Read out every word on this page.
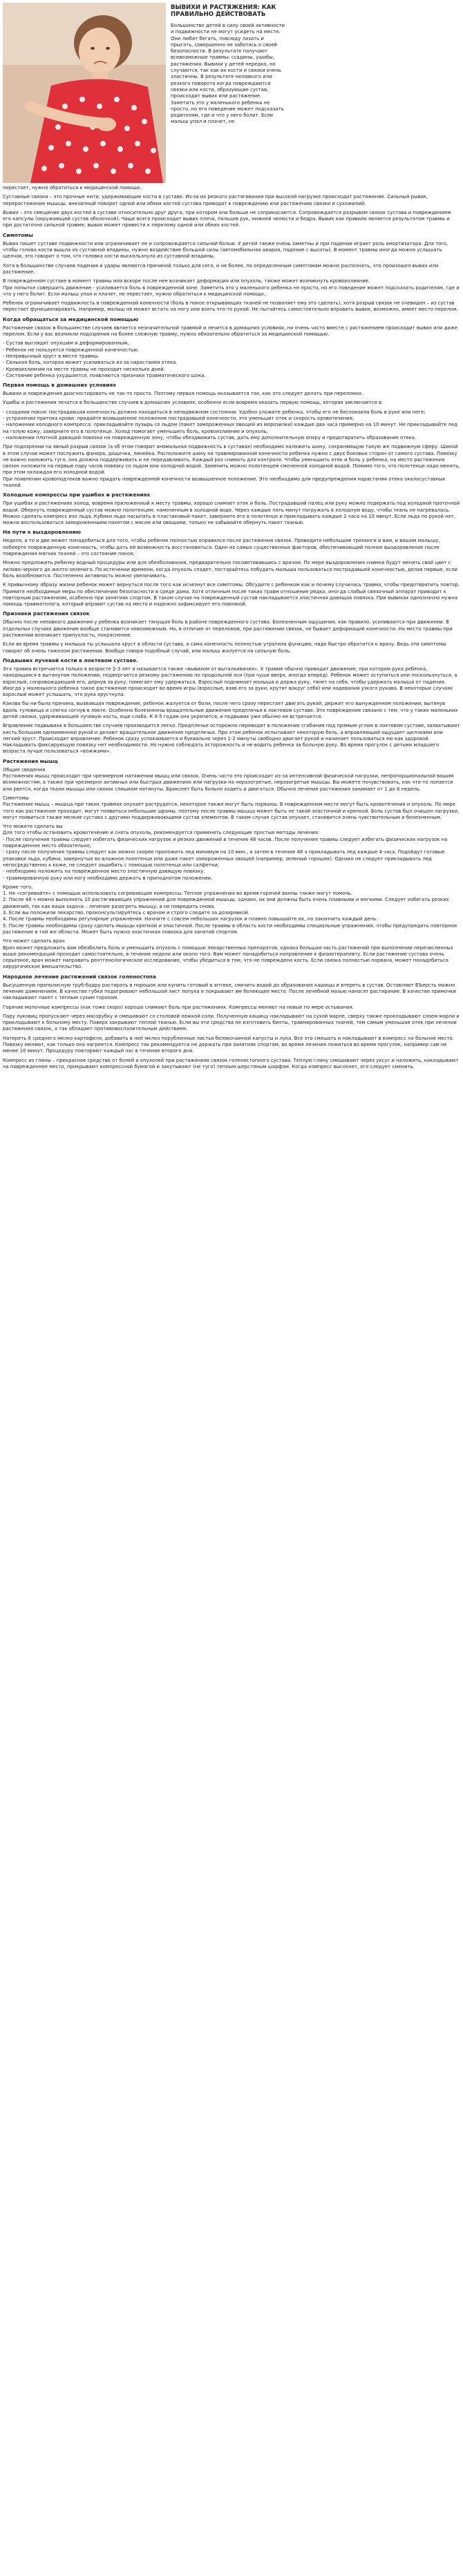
ВЫВИХИ И РАСТЯЖЕНИЯ: КАК ПРАВИЛЬНО ДЕЙСТВОВАТЬ

Большинство детей в силу своей активности и подвижности не могут усидеть на месте. Они любят бегать, повсюду лазать и прыгать, совершенно не заботясь о своей безопасности. В результате получают всевозможные травмы: ссадины, ушибы, растяжения. Вывихи у детей нередко, но случаются, так как их кости и связки очень эластичны. В результате неловкого или резкого поворота когда повреждаются связки или кости, образующие сустав, происходит вывих или растяжение. Заметить это у маленького ребенка не просто, но его поведение может подсказать родителям, где и что у него болит. Если малыш упал и плачет, не

перестает, нужно обратиться к медицинской помощи..

Суставные связки – это прочные нити, удерживающие кости в суставе. Из-за их резкого растягивания при высокой нагрузке происходит растяжение. Сильный рывок, перерастяжение мышцы, внезапный поворот одной или обеих костей сустава приводят к повреждению или растяжению связки и сухожилий.

Вывих – это смещение двух костей в суставе относительно друг друга, при котором они больше не соприкасаются. Сопровождается разрывом связок сустава и повреждением его капсулы (окружающей сустав оболочкой). Чаще всего происходит вывих плеча, пальцев рук, нижней челюсти и бедра. Вывих как правило является результатом травмы и при достаточно сильной травме, вывих может привести к перелому одной или обеих костей.

Симптомы

Вывих пишет суставе подвижности или ограничивает ее и сопровождается сильной болью. У детей также очень заметны и при падении играет роль амортизатора. Для того, чтобы голова кости вышла из суставной впадины, нужно воздействие большой силы (автомобильная авария, падение с высоты). В момент травмы иногда можно услышать щелчок, это говорит о том, что головка кости выскользнула из суставной впадины.

Хотя в большинстве случаев падения и удары являются причиной только для сего, и не более, по определенным симптомам можно распознать, что произошел вывих или растяжение.

В поврежденном суставе в момент травмы или вскоре после нее возникает деформация или опухоль, также может возникнуть кровоизлияние.
При попытке совершить движение - усиливается боль в поврежденной зоне. Заметить это у маленького ребенка не просто, но его поведение может подсказать родителям, где и что у него болит. Если малыш упал и плачет, не перестает, нужно обратиться к медицинской помощи..

Ребенок ограничивает подвижность в поврежденной конечности (боль в покое открывающих тканей не позволяет ему это сделать), хотя разрыв связок не очевиден – из сустав перестает функционировать. Например, малыш не может встать на ногу или взять что-то рукой. Не пытайтесь самостоятельно вправить вывих, возможно, имеет место перелом.

Когда обращаться за медицинской помощью

Растяжение связок в большинстве случаев является незначительной травмой и лечится в домашних условиях, но очень часто вместе с растяжением происходит вывих или даже перелом. Если у вас возникли подозрения на более сложную травму, нужно обязательно обратиться за медицинской помощью.

- Сустав выглядит опухшим и деформированным.
- Ребенок не пользуется поврежденной конечностью.
- Непривычный хруст в месте травмы.
- Сильная боль, которая может усиливаться из-за нарастания отека.
- Кровоизлияния на месте травмы не проходит несколько дней.
- Состояние ребенка ухудшается, появляются признаки травматического шока.
Первая помощь в домашних условиях

Вывихи и повреждения диагностировать не так-то просто. Поэтому первая помощь оказывается так, как это следует делать при переломах.

Ушибы и растяжения лечатся в большинстве случаев в домашних условиях, особенно если вовремя оказать первую помощь, которая заключается в:

- создании покоя: пострадавшая конечность должна находиться в неподвижном состоянии. Удобно уложите ребенка, чтобы его не беспокоила боль в руке или ноге;
- устранении притока крови: придайте возвышенное положение пострадавшей конечности, это уменьшит отек и скорость кровотечения;
- наложении холодного компресса: прикладывайте пузырь со льдом (пакет замороженных овощей из морозилки) каждые два часа примерно на 10 минут. Не прикладывайте лед на голую кожу, заверните его в полотенце. Холод помогает уменьшить боль, кровоизлияние и опухоль;
- наложении плотной давящей повязки на поврежденную зону, чтобы обездвижить сустав, дать ему дополнительную опору и предотвратить образование отека.

При подозрении на явный разрыв связок (а об этом говорит аномальная подвижность в суставах) необходимо наложить шину, сохраняющую такую же подвижную сферу. Шиной в этом случае может послужить фанера, дощечка, линейка. Расположите шину на травмированной конечности ребенка нужно с двух боковых сторон от самого сустава. Повязку не важно наложить туго, она должна поддерживать и не передавливать. Каждый раз снимать для контроля. Чтобы уменьшить отек и боль у ребенка, на место растяжения связок наложите на первые пару часов повязку со льдом или холодной водой. Заменить можно полотенцем смоченной холодной водой. Помимо того, что полотенце надо менять, при этом охлаждая его холодной водой.
При появлении кровоподтеков важно придать поврежденной конечности возвышенное положение. Это необходимо для предупреждения нарастания отека околосуставных тканей.

Холодные компрессы при ушибах и растяжениях

При ушибах и растяжениях холод, вовремя приложенный к месту травмы, хорошо снимает отек и боль. Пострадавший палец или руку можно подержать под холодной проточной водой. Обернуть поврежденный сустав можно полотенцем, намоченным в холодной воде. Через каждые пять минут погружать в холодную воду, чтобы ткань не нагревалась. Можно сделать компресс изо льда. Кубики льда насыпать в пластиковый пакет, заверните его в полотенце и прикладывать каждые 2 часа на 10 минут. Если льда по рукой нет, можно воспользоваться замороженными пакетом с мясом или овощами, только не забывайте обернуть пакет тканью.

На пути к выздоровлению

Неделя, а то и две может понадобиться для того, чтобы ребенок полностью оправился после растяжения связок. Проведите небольшие тренинги и вам, и вашим малышу, побеерте поврежденную конечность, чтобы дать ей возможность восстановиться. Один из самых существенных факторов, обеспечивающий полное выздоровление после повреждения мягких тканей – это состояние покоя.

Можно предложить ребенку водный процедуры или для обезболивания, предварительно посоветовавшись с врачом. По мере выздоровления снимки будут менять свой цвет с лилово-черного до желто-зеленого. По истечении времени, когда опухоль спадет, постарайтесь побудить малыша пользоваться пострадавшей конечностью, делая первые, если боль возобновится. Постепенно активность можно увеличивать.

К привычному образу жизни ребенок может вернуться после того как исчезнут все симптомы. Обсудите с ребенком как и почему случилась травма, чтобы предотвратить повтор. Примите необходимые меры по обеспечению безопасности в среде дома. Хотя отличным после таких травм отношение редко, иногда слабый связочный аппарат приводит к повторным растяжениям, особенно при занятиях спортом. В таком случае на поврежденный сустав накладывается эластичная давящая повязка. При вывихах однозначно нужна помощь травматолога, который вправит сустав на место и надежно зафиксирует его повязкой.

Признаки растяжения связок

Обычно после неловкого движения у ребенка возникает тянущая боль в районе поврежденного сустава. Болезненным ощущения, как правило, усиливаются при движении. В отдельных случаях движение вообще становится невозможным. Но, в отличие от переломов, при растяжении связок, не бывает деформаций конечности. На место травмы при растяжении возникает припухлость, покраснение.

Если во время травмы у малыша ты услышала хруст в области сустава, а сама конечность полностью утратила функцию, надо быстро обратится к врачу. Ведь эти симптомы говорят об очень тяжелом растяжении. Вообще говоря подобный случай, или малыш жалуется на сильную боль.

Подвывих лучевой кости в локтевом суставе.

Эта травма встречается только в возрасте 2-3 лет и называется также «вывихом от выталкивания». Х травме обычно приводит движение, при котором рука ребенка, находящаяся в вытянутом положении, подвергается резкому растяжению по продольной оси (при чуши вверх, иногда вперед). Ребенок может оступиться или поскользнуться, а взрослый, сопровождающий его, дернув за руку, помогает ему удержаться. Взрослый поднимает малыша и держа руку, тянет на себя, чтобы удержать малыша от падения. Иногда у маленького ребенка такое растяжение происходит во время игры (взрослые, взяв его за руки, крутят вокруг себя) или надевания узкого рукава. В некоторых случаях взрослый может услышать, что рука хрустнула.

Какова бы ни была причина, вызвавшая повреждение, ребенок жалуется от боли, после чего сразу перестает двигать рукой, держит его вынужденном положении, вытянув вдоль туловища и слегка согнув в локте. Особенно болезненны вращательные движения предплечья в локтевом суставе. Это повреждение связано с тем, что у таких маленьких детей связки, удерживающей лучевую кость, еще слаба. К 4-5 годам она укрепится, и подвывих уже обычно не встречается.

Вправление подвывиха в большинстве случаев производится легко. Предплечье осторожно переводят в положение сгибания под прямым углом в локтевом суставе, захватывают кисть большим одноименной рукой и делают вращательное движение предплечья. При этом ребенок испытывает некоторую боль, а вправляющий ощущает щелчками или легкий хруст. Происходит вправление. Ребенок сразу успокаивается и буквально через 1-2 минуты свободно двигает рукой и начинает пользоваться ею как здоровой. Накладывать фиксирующую повязку нет необходимости. Но нужно соблюдать осторожность и не водить ребенка за больную руку. Во время прогулок с детьми младшего возраста лучше пользоваться «вожжами».

Растяжения мышц

Общие сведения
Растяжения мышц происходит при чрезмерном натяжении мышц или связок. Очень часто это происходит из-за интенсивной физической нагрузки, непропорциональной вашим возможностям, а также при чрезмерно активных или быстрых движениях или нагрузки на неразогретые, неразогретые мышцы. Вы можете почувствовать, как что-то лопается или рвется, когда ткани мышцы или связок слишком натянуты. Бриксеет быть больно ходить и двигаться. Обычно лечение растяжения занимает от 1 до 6 недель.

Симптомы
Растяжение мышц – мышца при таких травмах опухает раструдятся, некоторое также могут быть порваны. В поврежденном месте могут быть кровотечения и опухоль. По мере того как растяжение проходит, могут появиться небольшие шрамы, поэтому после травмы мышца может быть не такой эластичной и крепкой. Боль сустав был очищен нагрузки, могут появиться также мелкие сустава с другими поддерживающими сустав элементов. В таком случае сустав опухает, становится очень чувствительным и болезненным.

Что можете сделать вы
Для того чтобы остановить кровотечение и снять опухоль, рекомендуется применять следующие простые методы лечения:
- После получения травмы следует избегать физических нагрузок и резких движений в течение 48 часов. После получения травмы следует избегать физических нагрузок на поврежденное место обязательно;
- сразу после получения травмы следует как можно скорее приложить лед минимум на 10 мин., а затем в течение 48 ч прикладывать лед каждые 4 часа. Подойдут готовые упаковки льда, кубики, завернутые во влажное полотенце или даже пакет замороженных овощей (например, зеленый горошек). Однако не следует прикладывать лед непосредственно к коже, не следует зашибить с помощью полотенца или салфетки;
- необходимо наложить на поврежденное место эластичную давящую повязку.
- травмированную руку или ногу необходимо держать в приподнятом положении.

Кроме того,
1. Не «согревайте» с помощью использовать согревающие компрессы. Теплое упражнения во время горячей ванны также могут помочь.
2. После 48 ч можно выполнять 10 растягивающих упражнений для поврежденной мышцы, однако, их они должны быть очень плавными и мягкими. Следует избегать резких движений, так как ваша задача – лечение разогреть мышцу, а не повредить снова.
3. Если вы положили лекарство, проконсультируйтесь с врачом и строго следите за дозировкой.
4. После травмы необходимы регулярные упражнения. Начните с совсем небольших нагрузок и плавно повышайте их, но закончить каждый день.
5. После травмы необходимы сразу сделать мышцы крепкой и эластичной. После травмы в область кости необходимы специальные упражнения, чтобы предупредить повторное растяжение в той же области. Может быть нужна эластичная повязка для занятий спортом.

Что может сделать врач
Врач может предложить вам обезболить боль и уменьшить опухоль с помощью лекарственных препаратов, однако большая часть растяжений при выполнении перечисленных выше рекомендаций проходит самостоятельно, в течение недели или около того. Вам может понадобиться направление к физиотерапевту. Если растяжение сустава очень серьезное, врач может направить рентгенологическое исследование, чтобы убедиться в том, что не повреждена кость. Если связка полностью порвана, может понадобиться хирургическое вмешательство.

Народное лечение растяжений связок голеностопа

Высушенную прополисную труб-бадру растирать в порошок или купить готовый в аптеке, смочить водой до образования кашицы и втереть в сустав. Оставляют ВЪерсть можно лечение даменением. В качестве губки подогревают небольшой лист лопуха и покрывают им болеющее место. После лечебной мазью наносят растирание. В качестве примочки накладывают пакет с теплым сухим горохом.

Горячие молочные компрессы (как тоже скоро) хорошо снимают боль при растяжениях. Компрессы меняют на новые по мере остывания.

Пару луковиц пропускают через мясорубку и смешивают со столовой ложкой соли. Полученную кашицу накладывают на сухой марле, сверху также прокладывают слоем марли и прикладывают к больному месту. Поверх закрывают теплой тканью. Если вы эти средства не изготовить бинты, травмированных тканей, тем самым уменьшая отек при лечении растяжения связок, а так обладает противовоспалительным действием.

Натереть 6 среднего мелко картофеля, добавить в неё мелко порубленные листья белокочанной капусты и лука. Все это смешать и накладывают в компресс на больное место. Повязку меняют, как только она нагреется. Компресс так рекомендуется не держать при занятиях спортом, во время лечения ложиться во время прогулок, например сам не менее 10 минут. Процедуру повторяют каждый час в течение второго дня.

Компресс из глины – прекрасное средство от болей и опухолей при растяжениях связок голеностопного сустава. Теплую глину смешивают через уксус и наложить, накладывают на поврежденное место, прикрывают компрессной бумагой и закутывают (не туго) теплым шерстяным шарфом. Когда компресс высохнет, его следует сменить.
